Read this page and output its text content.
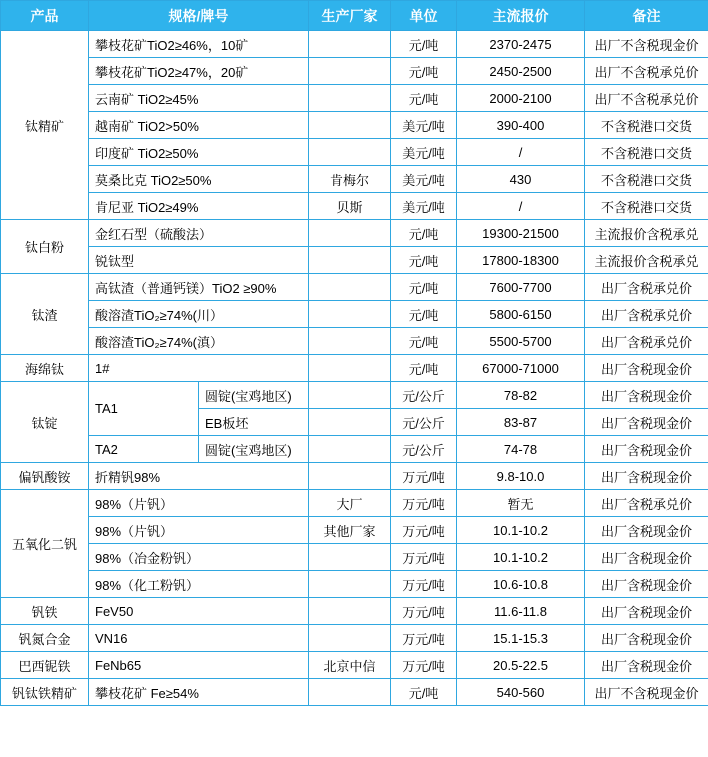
产品	规格/牌号		生产厂家	单位	主流报价	备注
钛精矿	攀枝花矿TiO2≥46%，10矿			元/吨	2370-2475	出厂不含税现金价
	攀枝花矿TiO2≥47%，20矿			元/吨	2450-2500	出厂不含税承兑价
	云南矿 TiO2≥45%			元/吨	2000-2100	出厂不含税承兑价
	越南矿 TiO2>50%			美元/吨	390-400	不含税港口交货
	印度矿 TiO2≥50%			美元/吨	/	不含税港口交货
	莫桑比克 TiO2≥50%		肯梅尔	美元/吨	430	不含税港口交货
	肯尼亚 TiO2≥49%		贝斯	美元/吨	/	不含税港口交货
钛白粉	金红石型（硫酸法）			元/吨	19300-21500	主流报价含税承兑
	锐钛型			元/吨	17800-18300	主流报价含税承兑
钛渣	高钛渣（普通钙镁）TiO2 ≥90%			元/吨	7600-7700	出厂含税承兑价
	酸溶渣TiO₂≥74%(川）			元/吨	5800-6150	出厂含税承兑价
	酸溶渣TiO₂≥74%(滇）			元/吨	5500-5700	出厂含税承兑价
海绵钛	1#			元/吨	67000-71000	出厂含税现金价
钛锭	TA1	圆锭(宝鸡地区)		元/公斤	78-82	出厂含税现金价
		EB板坯		元/公斤	83-87	出厂含税现金价
	TA2	圆锭(宝鸡地区)		元/公斤	74-78	出厂含税现金价
偏钒酸铵	折精钒98%			万元/吨	9.8-10.0	出厂含税现金价
五氧化二钒	98%（片钒）		大厂	万元/吨	暂无	出厂含税承兑价
	98%（片钒）		其他厂家	万元/吨	10.1-10.2	出厂含税现金价
	98%（冶金粉钒）			万元/吨	10.1-10.2	出厂含税现金价
	98%（化工粉钒）			万元/吨	10.6-10.8	出厂含税现金价
钒铁	FeV50			万元/吨	11.6-11.8	出厂含税现金价
钒氮合金	VN16			万元/吨	15.1-15.3	出厂含税现金价
巴西铌铁	FeNb65		北京中信	万元/吨	20.5-22.5	出厂含税现金价
钒钛铁精矿	攀枝花矿 Fe≥54%			元/吨	540-560	出厂不含税现金价
